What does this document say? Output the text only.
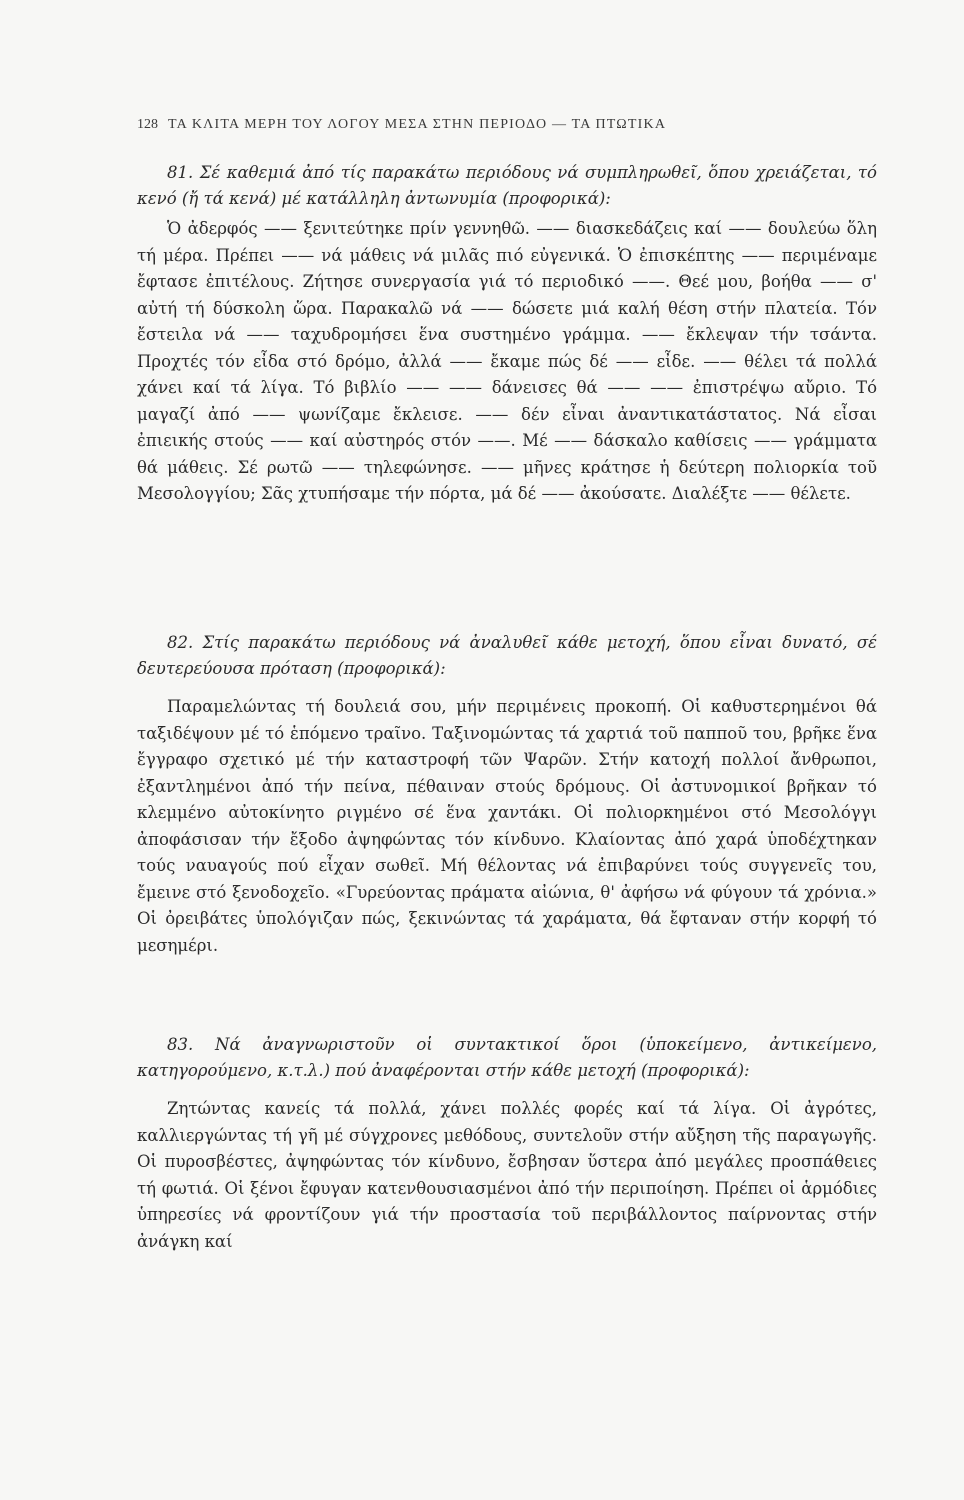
128 ΤΑ ΚΛΙΤΑ ΜΕΡΗ ΤΟΥ ΛΟΓΟΥ ΜΕΣΑ ΣΤΗΝ ΠΕΡΙΟΔΟ — ΤΑ ΠΤΩΤΙΚΑ

81. Σέ καθεμιά ἀπό τίς παρακάτω περιόδους νά συμπληρωθεῖ, ὅπου χρειάζεται, τό κενό (ἤ τά κενά) μέ κατάλληλη ἀντωνυμία (προφορικά):

Ὁ ἀδερφός —— ξενιτεύτηκε πρίν γεννηθῶ. —— διασκεδάζεις καί —— δουλεύω ὅλη τή μέρα. Πρέπει —— νά μάθεις νά μιλᾶς πιό εὐγενικά. Ὁ ἐπισκέπτης —— περιμέναμε ἔφτασε ἐπιτέλους. Ζήτησε συνεργασία γιά τό περιοδικό ——. Θεέ μου, βοήθα —— σ' αὐτή τή δύσκολη ὥρα. Παρακαλῶ νά —— δώσετε μιά καλή θέση στήν πλατεία. Τόν ἔστειλα νά —— ταχυδρομήσει ἕνα συστημένο γράμμα. —— ἔκλεψαν τήν τσάντα. Προχτές τόν εἶδα στό δρόμο, ἀλλά —— ἔκαμε πώς δέ —— εἶδε. —— θέλει τά πολλά χάνει καί τά λίγα. Τό βιβλίο —— —— δάνεισες θά —— —— ἐπιστρέψω αὔριο. Τό μαγαζί ἀπό —— ψωνίζαμε ἔκλεισε. —— δέν εἶναι ἀναντικατάστατος. Νά εἶσαι ἐπιεικής στούς —— καί αὐστηρός στόν ——. Μέ —— δάσκαλο καθίσεις —— γράμματα θά μάθεις. Σέ ρωτῶ —— τηλεφώνησε. —— μῆνες κράτησε ἡ δεύτερη πολιορκία τοῦ Μεσολογγίου; Σᾶς χτυπήσαμε τήν πόρτα, μά δέ —— ἀκούσατε. Διαλέξτε —— θέλετε.

82. Στίς παρακάτω περιόδους νά ἀναλυθεῖ κάθε μετοχή, ὅπου εἶναι δυνατό, σέ δευτερεύουσα πρόταση (προφορικά):

Παραμελώντας τή δουλειά σου, μήν περιμένεις προκοπή. Οἱ καθυστερημένοι θά ταξιδέψουν μέ τό ἑπόμενο τραῖνο. Ταξινομώντας τά χαρτιά τοῦ παπποῦ του, βρῆκε ἕνα ἔγγραφο σχετικό μέ τήν καταστροφή τῶν Ψαρῶν. Στήν κατοχή πολλοί ἄνθρωποι, ἐξαντλημένοι ἀπό τήν πείνα, πέθαιναν στούς δρόμους. Οἱ ἀστυνομικοί βρῆκαν τό κλεμμένο αὐτοκίνητο ριγμένο σέ ἕνα χαντάκι. Οἱ πολιορκημένοι στό Μεσολόγγι ἀποφάσισαν τήν ἔξοδο ἀψηφώντας τόν κίνδυνο. Κλαίοντας ἀπό χαρά ὑποδέχτηκαν τούς ναυαγούς πού εἶχαν σωθεῖ. Μή θέλοντας νά ἐπιβαρύνει τούς συγγενεῖς του, ἔμεινε στό ξενοδοχεῖο. «Γυρεύοντας πράματα αἰώνια, θ' ἀφήσω νά φύγουν τά χρόνια.» Οἱ ὀρειβάτες ὑπολόγιζαν πώς, ξεκινώντας τά χαράματα, θά ἔφταναν στήν κορφή τό μεσημέρι.

83. Νά ἀναγνωριστοῦν οἱ συντακτικοί ὅροι (ὑποκείμενο, ἀντικείμενο, κατηγορούμενο, κ.τ.λ.) πού ἀναφέρονται στήν κάθε μετοχή (προφορικά):

Ζητώντας κανείς τά πολλά, χάνει πολλές φορές καί τά λίγα. Οἱ ἀγρότες, καλλιεργώντας τή γῆ μέ σύγχρονες μεθόδους, συντελοῦν στήν αὔξηση τῆς παραγωγῆς. Οἱ πυροσβέστες, ἀψηφώντας τόν κίνδυνο, ἔσβησαν ὕστερα ἀπό μεγάλες προσπάθειες τή φωτιά. Οἱ ξένοι ἔφυγαν κατενθουσιασμένοι ἀπό τήν περιποίηση. Πρέπει οἱ ἁρμόδιες ὑπηρεσίες νά φροντίζουν γιά τήν προστασία τοῦ περιβάλλοντος παίρνοντας στήν ἀνάγκη καί
